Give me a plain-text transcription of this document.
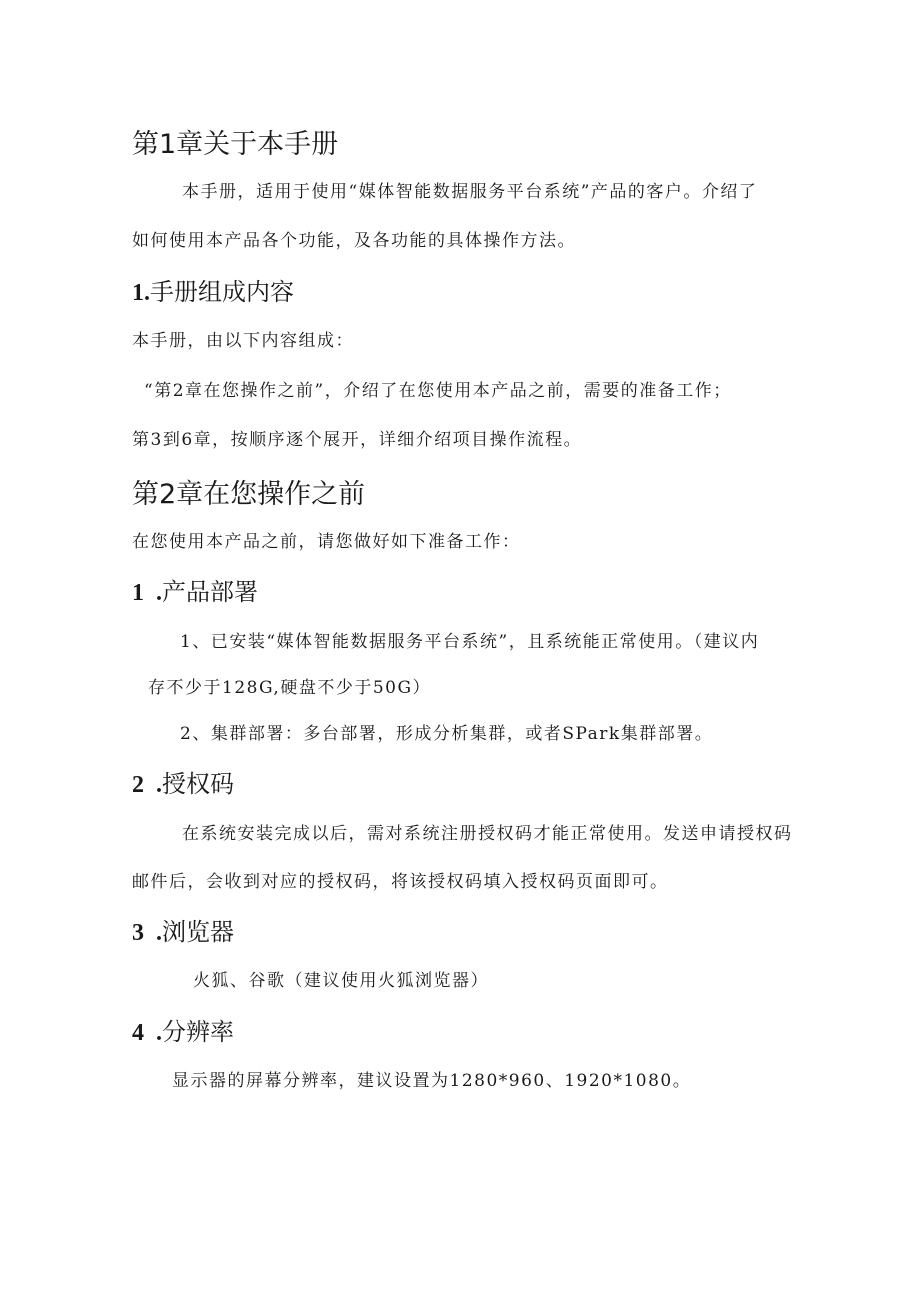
第1章关于本手册

本手册，适用于使用“媒体智能数据服务平台系统”产品的客户。介绍了

如何使用本产品各个功能，及各功能的具体操作方法。

1.手册组成内容

本手册，由以下内容组成：

“第2章在您操作之前”，介绍了在您使用本产品之前，需要的准备工作；

第3到6章，按顺序逐个展开，详细介绍项目操作流程。

第2章在您操作之前

在您使用本产品之前，请您做好如下准备工作：

1 .产品部署

1、已安装“媒体智能数据服务平台系统”，且系统能正常使用。（建议内

存不少于128G,硬盘不少于50G）

2、集群部署：多台部署，形成分析集群，或者SPark集群部署。

2 .授权码

在系统安装完成以后，需对系统注册授权码才能正常使用。发送申请授权码

邮件后，会收到对应的授权码，将该授权码填入授权码页面即可。

3 .浏览器

火狐、谷歌（建议使用火狐浏览器）

4 .分辨率

显示器的屏幕分辨率，建议设置为1280*960、1920*1080。
